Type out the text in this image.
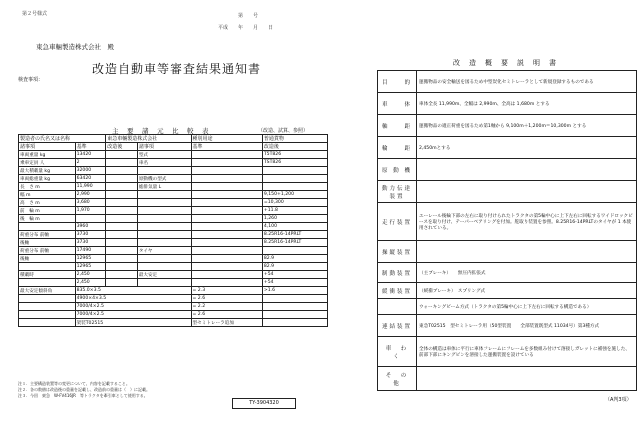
第２号様式	第　　号
平成　　年　　月　　日
東急車輛製造株式会社　殿
検査事項：
改造自動車等審査結果通知書
主　要　諸　元　比　較　表	（改造、試算、参照）
製造者の氏名又は名称		東急車輛製造株式会社		種別用途	普通貨物
諸事項	基準	改造後	諸事項	基準	改造後
車両重量 kg	13420		型式		T5T826
乗車定員 人	2		車名		TST826
最大積載量 kg	32000				
車両総重量 kg	63420		原動機の型式		
長　さ m	11,990		総排気量 L		
幅 m	2,990				9,150+1,200
高　さ m	3,680				=10,300
前　輪 m	1,970				+11.8
後　輪 m					1,260
	3960				4,100
荷重分布 前軸	3730				8.25R16-14PRLT
後軸	3730				8.25R16-14PRLT
荷重分布 前軸	17490		タイヤ		
後軸	12965				82.9
	12965				82.9
積載時	2,450		最大安定		+54
	2,450				+54
最大安定傾斜角	835.0×3.5			= 2.3	>1.6
	4900×4×3.5			= 2.6	
	7000/4×2.5			= 2.2	
	7000/4×2.5			= 2.6	
	架装T02515			型セミトレーラ追加	
注１．主要構造装置等の変更について、内容を記載すること。
注２．各の数値は改造後の重量を記載し、改造前の重量は（　）に記載。
注３．今回　東急　W-FV416JR　等トラクタを牽引車として使用する。
TY-3904320
改　造　概　要　説　明　書
目　　的	運搬物品の安全輸送を図るため中型炭化セミトレーラとして新規登録するものである
車　　体	車体全長 11,990m、全幅は 2,990m、全高は 1,680m とする
軸　　距	運搬物品の適正荷重を図るため第1軸から 9,100m＋1,200m＝10,300m とする
輪　　距	2,450mとする
原 動 機	
動力伝達装置	
走行装置	エーレール後輪下部の左右に取り付けられたトラクタの第5輪中心に上下左右に回転するワイドロックピースを取り付け、テーパーベアリングを付加。舵取り装置を参照。8.25R16-14PRLTのタイヤが 1 本使用されている。
操縦装置	
制動装置	（主ブレーキ）　　無圧内拡張式
緩衝装置	（緩衝ブレーキ）　スプリング式
	ウォーキングビーム方式（トラクタの第5輪中心に上下左右に回転する構造である）
連結装置	東急T02515　型セミトレーラ用（50型装置　　全部装置既型式 11034号）第3種方式
車　わ　く	全体の構造は車体に平行に車体フレームにフレームを多数組み付けて溶接しガレットに補強を施した、前部下部にキングピンを溶接した運搬装置を設けている
そ　の　他	
（A判3項）
